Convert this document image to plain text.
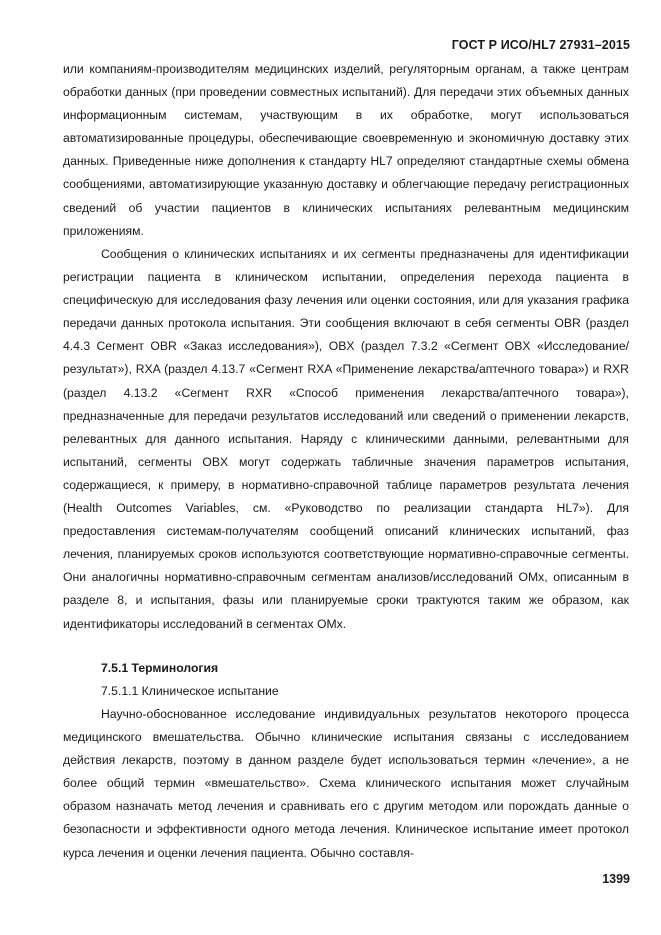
ГОСТ Р ИСО/HL7 27931–2015

или компаниям-производителям медицинских изделий, регуляторным органам, а также центрам обработки данных (при проведении совместных испытаний). Для передачи этих объемных данных информационным системам, участвующим в их обработке, могут использоваться автоматизированные процедуры, обеспечивающие своевременную и экономичную доставку этих данных. Приведенные ниже дополнения к стандарту HL7 определяют стандартные схемы обмена сообщениями, автоматизирующие указанную доставку и облегчающие передачу регистрационных сведений об участии пациентов в клинических испытаниях релевантным медицинским приложениям.

Сообщения о клинических испытаниях и их сегменты предназначены для идентификации регистрации пациента в клиническом испытании, определения перехода пациента в специфическую для исследования фазу лечения или оценки состояния, или для указания графика передачи данных протокола испытания. Эти сообщения включают в себя сегменты OBR (раздел 4.4.3 Сегмент OBR «Заказ исследования»), OBX (раздел 7.3.2 «Сегмент OBX «Исследование/результат»), RXA (раздел 4.13.7 «Сегмент RXA «Применение лекарства/аптечного товара») и RXR (раздел 4.13.2 «Сегмент RXR «Способ применения лекарства/аптечного товара»), предназначенные для передачи результатов исследований или сведений о применении лекарств, релевантных для данного испытания. Наряду с клиническими данными, релевантными для испытаний, сегменты OBX могут содержать табличные значения параметров испытания, содержащиеся, к примеру, в нормативно-справочной таблице параметров результата лечения (Health Outcomes Variables, см. «Руководство по реализации стандарта HL7»). Для предоставления системам-получателям сообщений описаний клинических испытаний, фаз лечения, планируемых сроков используются соответствующие нормативно-справочные сегменты. Они аналогичны нормативно-справочным сегментам анализов/исследований OMx, описанным в разделе 8, и испытания, фазы или планируемые сроки трактуются таким же образом, как идентификаторы исследований в сегментах OMx.

7.5.1 Терминология

7.5.1.1 Клиническое испытание

Научно-обоснованное исследование индивидуальных результатов некоторого процесса медицинского вмешательства. Обычно клинические испытания связаны с исследованием действия лекарств, поэтому в данном разделе будет использоваться термин «лечение», а не более общий термин «вмешательство». Схема клинического испытания может случайным образом назначать метод лечения и сравнивать его с другим методом или порождать данные о безопасности и эффективности одного метода лечения. Клиническое испытание имеет протокол курса лечения и оценки лечения пациента. Обычно составля-

1399
